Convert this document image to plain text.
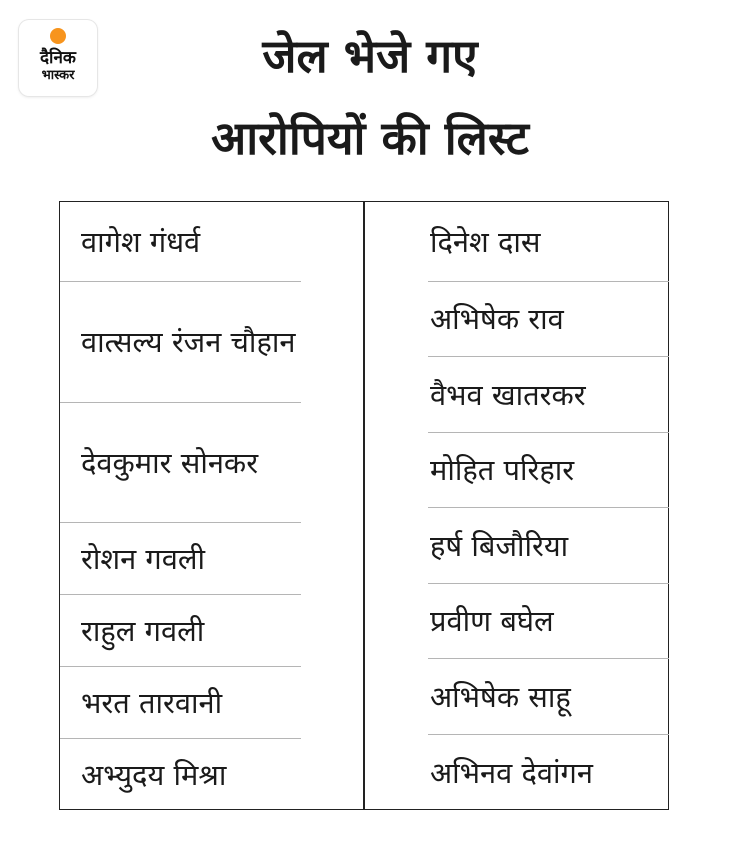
दैनिक
भास्कर	जेल भेजे गए
आरोपियों की लिस्ट
वागेश गंधर्व
वात्सल्य रंजन चौहान
देवकुमार सोनकर
रोशन गवली
राहुल गवली
भरत तारवानी
अभ्युदय मिश्रा
दिनेश दास
अभिषेक राव
वैभव खातरकर
मोहित परिहार
हर्ष बिजौरिया
प्रवीण बघेल
अभिषेक साहू
अभिनव देवांगन
